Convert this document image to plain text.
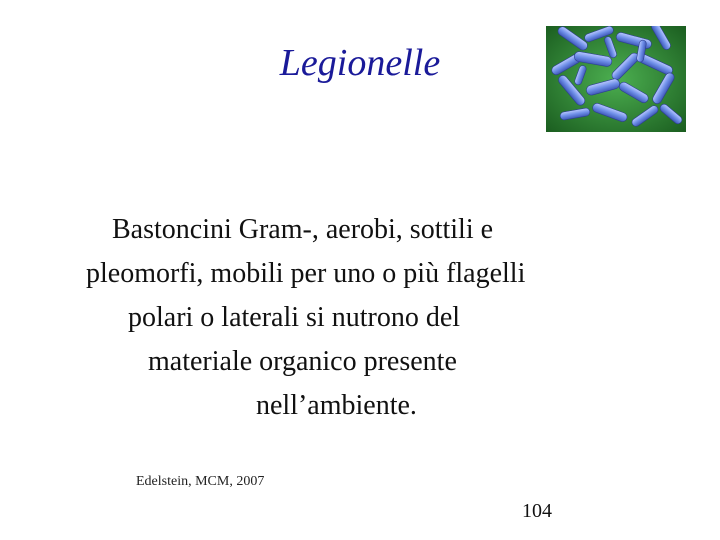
Legionelle
Bastoncini Gram-, aerobi, sottili e
pleomorfi, mobili per uno o più flagelli
polari o laterali si nutrono del
materiale organico presente
nell’ambiente.
Edelstein, MCM, 2007
104
